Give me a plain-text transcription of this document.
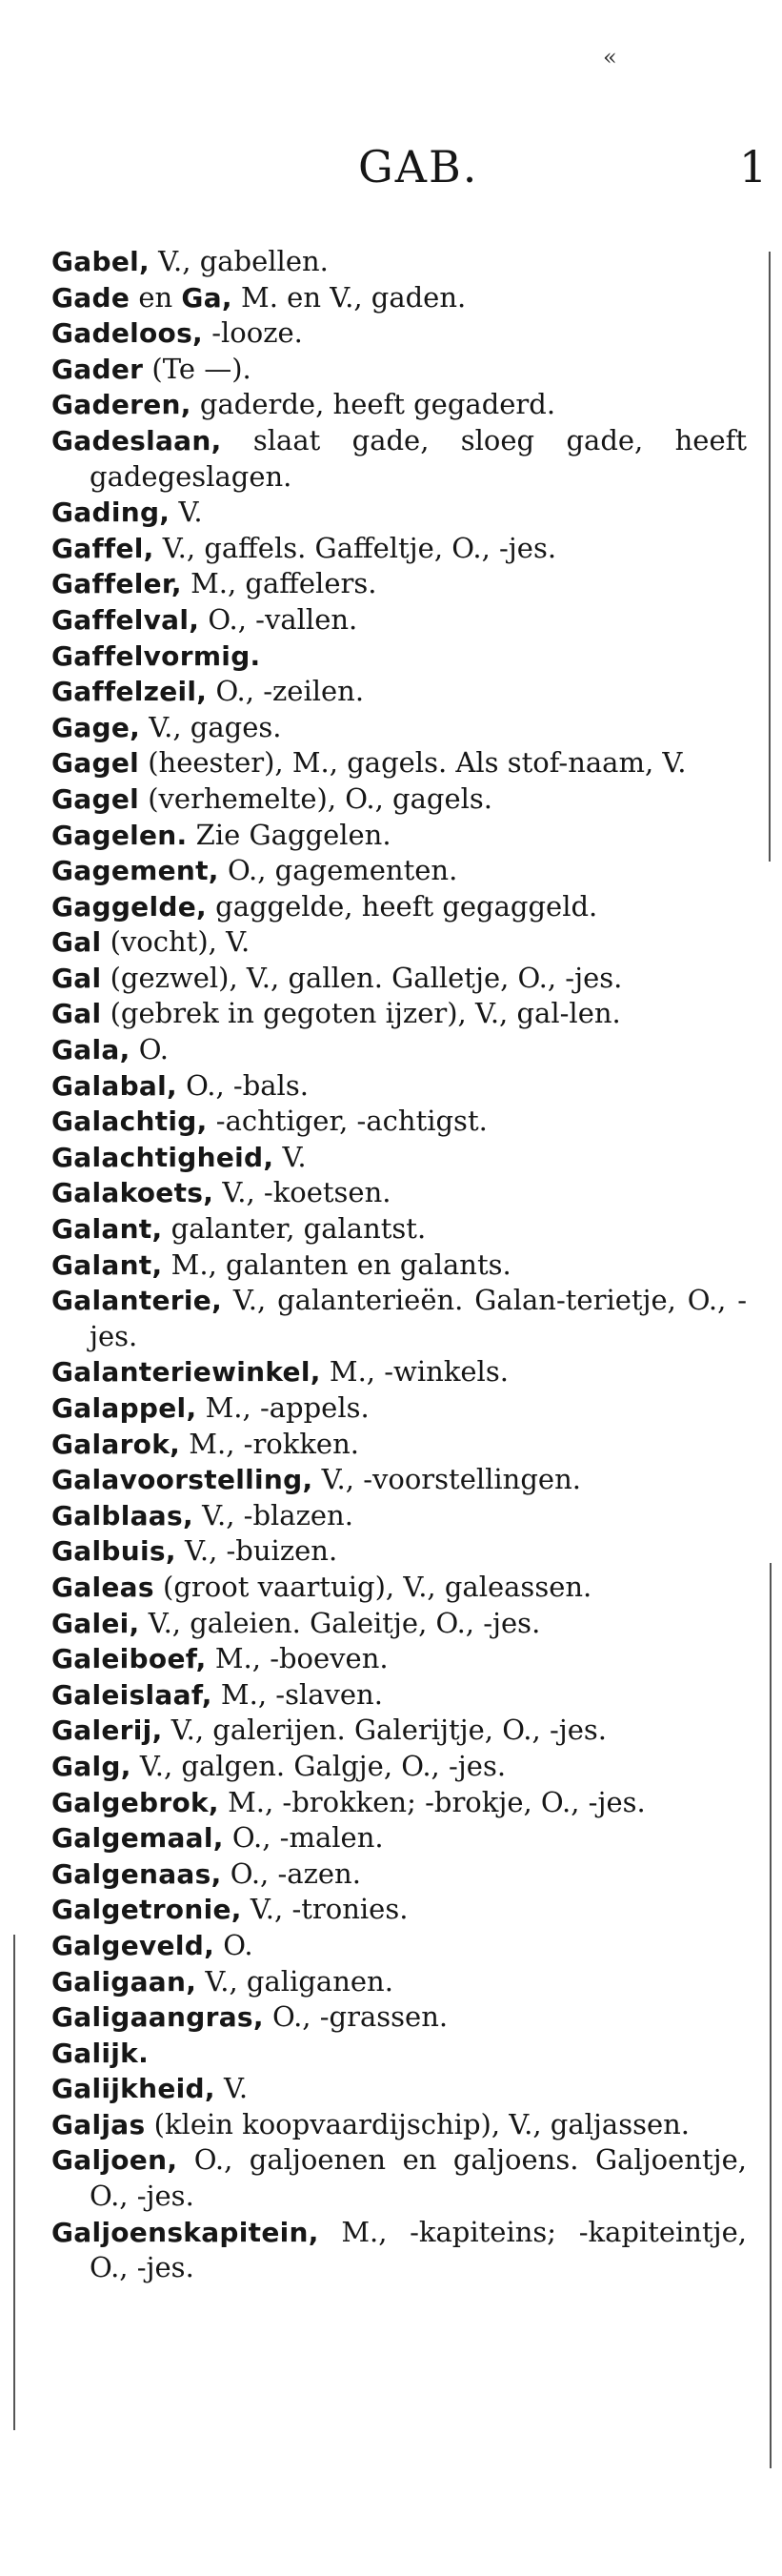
«
GAB.	1

Gabel, V., gabellen.

Gade en Ga, M. en V., gaden.

Gadeloos, -looze.

Gader (Te —).

Gaderen, gaderde, heeft gegaderd.

Gadeslaan, slaat gade, sloeg gade, heeft gadegeslagen.

Gading, V.

Gaffel, V., gaffels. Gaffeltje, O., -jes.

Gaffeler, M., gaffelers.

Gaffelval, O., -vallen.

Gaffelvormig.

Gaffelzeil, O., -zeilen.

Gage, V., gages.

Gagel (heester), M., gagels. Als stof-naam, V.

Gagel (verhemelte), O., gagels.

Gagelen. Zie Gaggelen.

Gagement, O., gagementen.

Gaggelde, gaggelde, heeft gegaggeld.

Gal (vocht), V.

Gal (gezwel), V., gallen. Galletje, O., -jes.

Gal (gebrek in gegoten ijzer), V., gal-len.

Gala, O.

Galabal, O., -bals.

Galachtig, -achtiger, -achtigst.

Galachtigheid, V.

Galakoets, V., -koetsen.

Galant, galanter, galantst.

Galant, M., galanten en galants.

Galanterie, V., galanterieën. Galan-terietje, O., -jes.

Galanteriewinkel, M., -winkels.

Galappel, M., -appels.

Galarok, M., -rokken.

Galavoorstelling, V., -voorstellingen.

Galblaas, V., -blazen.

Galbuis, V., -buizen.

Galeas (groot vaartuig), V., galeassen.

Galei, V., galeien. Galeitje, O., -jes.

Galeiboef, M., -boeven.

Galeislaaf, M., -slaven.

Galerij, V., galerijen. Galerijtje, O., -jes.

Galg, V., galgen. Galgje, O., -jes.

Galgebrok, M., -brokken; -brokje, O., -jes.

Galgemaal, O., -malen.

Galgenaas, O., -azen.

Galgetronie, V., -tronies.

Galgeveld, O.

Galigaan, V., galiganen.

Galigaangras, O., -grassen.

Galijk.

Galijkheid, V.

Galjas (klein koopvaardijschip), V., galjassen.

Galjoen, O., galjoenen en galjoens. Galjoentje, O., -jes.

Galjoenskapitein, M., -kapiteins; -kapiteintje, O., -jes.
